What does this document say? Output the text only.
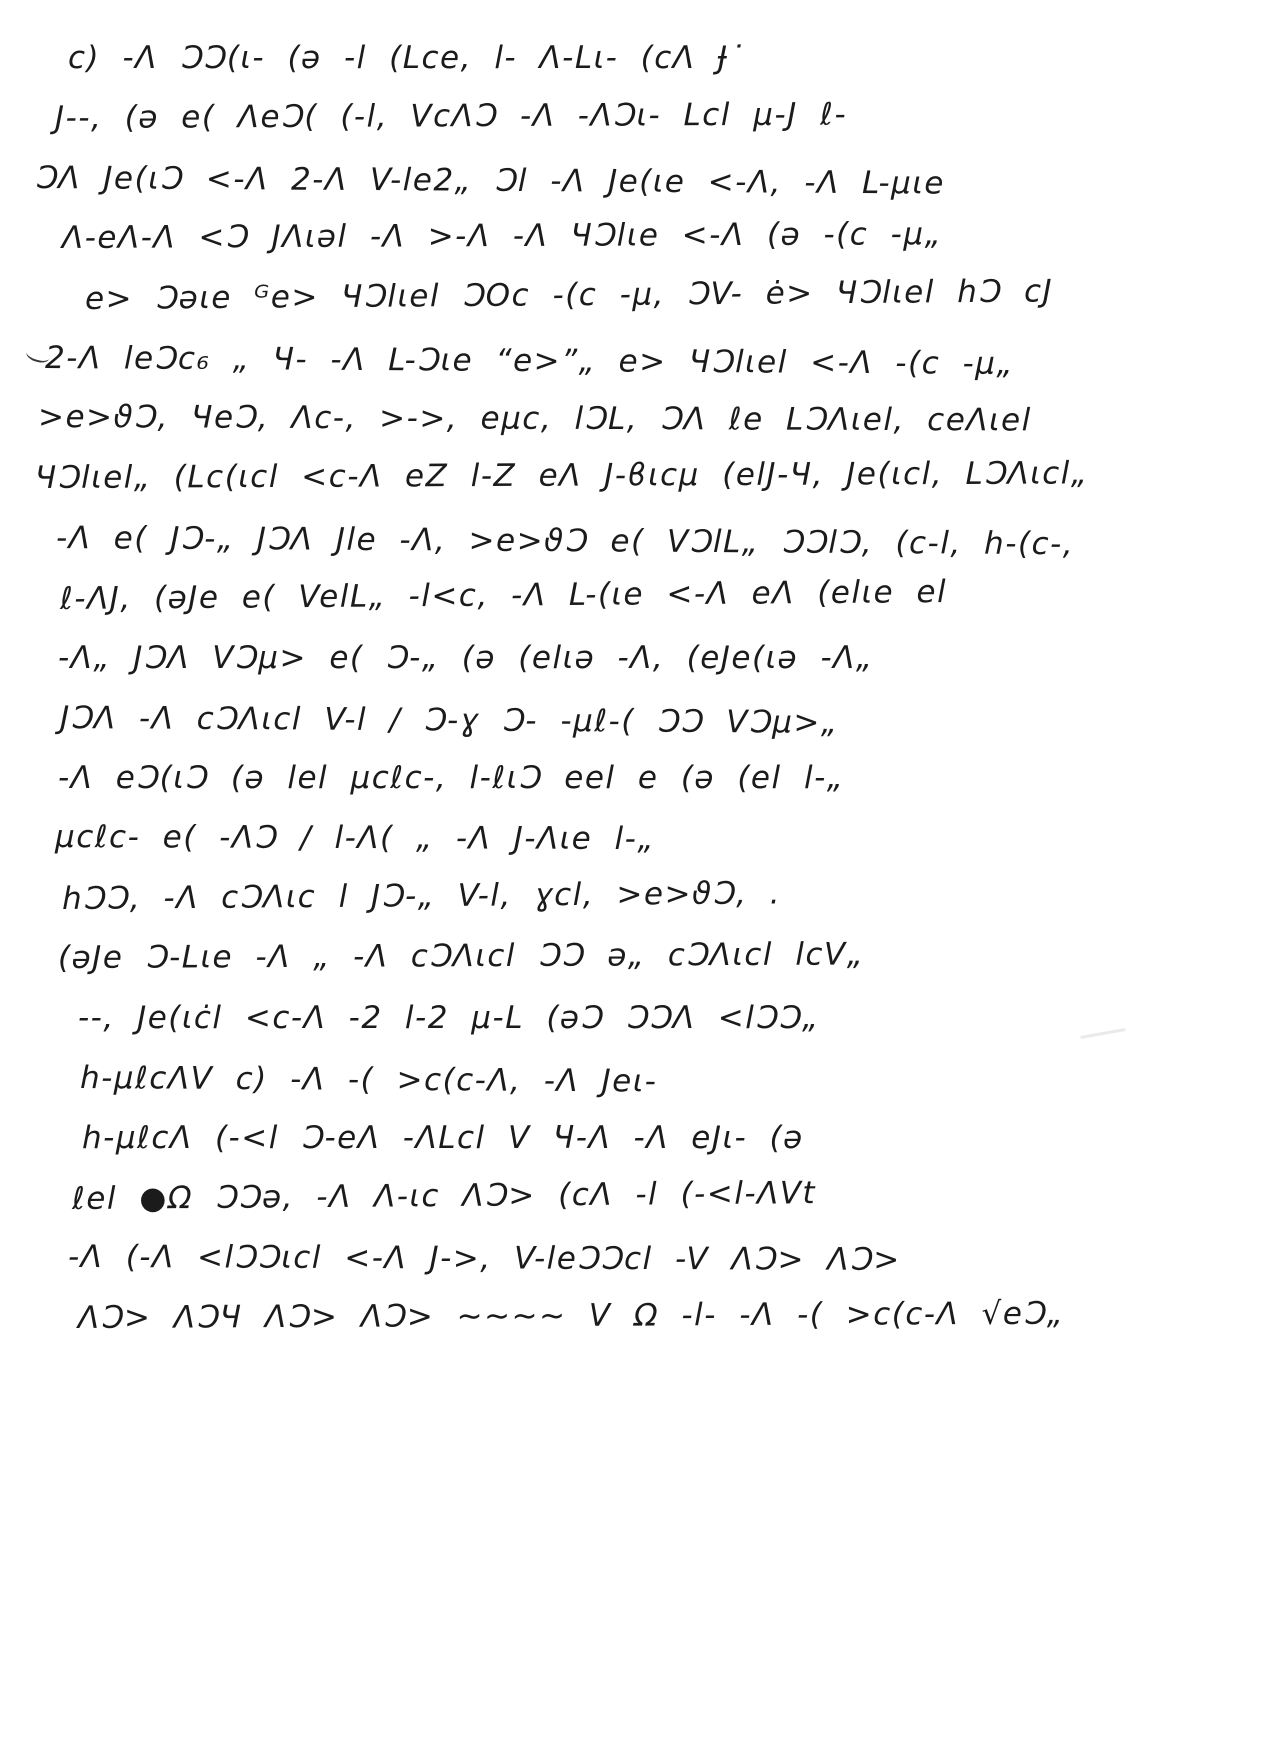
c) -Λ ƆƆ(ι- (ǝ -l (Lce, l- Λ-Lι- (cΛ Ɉ˙
J--, (ǝ e( ΛeƆ( (-l, VcΛƆ -Λ -ΛƆι- Lcl μ-J ℓ-
ƆΛ Je(ιƆ <-Λ 2-Λ V-le2„ Ɔl -Λ Je(ιe <-Λ, -Λ L-μιe
Λ-eΛ-Λ <Ɔ JΛιǝl -Λ >-Λ -Λ ЧƆlιe <-Λ (ǝ -(c -μ„
e> Ɔǝιe ᴳe> ЧƆlιel ƆOc -(c -μ, ƆV- ė> ЧƆlιel hƆ cJ
2-Λ leƆc₆ „ Ч- -Λ L-Ɔιe “e>”„ e> ЧƆlιel <-Λ -(c -μ„
>e>ϑƆ, ЧeƆ, Λc-, >->, eμc, lƆL, ƆΛ ℓe LƆΛιel, ϲeΛιel
ЧƆlιel„ (Lc(ιcl <c-Λ eZ l-Z eΛ J-ϐιcμ (elJ-Ч, Je(ιcl, LƆΛιcl„
-Λ e( JƆ-„ JƆΛ Jle -Λ, >e>ϑƆ e( VƆlL„ ƆƆlƆ, (c-l, h-(c-,
ℓ-ΛJ, (ǝJe e( VelL„ -l<c, -Λ L-(ιe <-Λ eΛ (elιe el
-Λ„ JƆΛ VƆμ> e( Ɔ-„ (ǝ (elιǝ -Λ, (eJe(ιǝ -Λ„
JƆΛ -Λ cƆΛιcl V-l / Ɔ-ɣ Ɔ- -μℓ-( ƆƆ VƆμ>„
-Λ eƆ(ιƆ (ǝ lel μcℓc-, l-ℓιƆ eel e (ǝ (el l-„
μcℓc- e( -ΛƆ / l-Λ( „ -Λ J-Λιe l-„
hƆƆ, -Λ cƆΛιc l JƆ-„ V-l, ɣcl, >e>ϑƆ, .
(ǝJe Ɔ-Lιe -Λ „ -Λ cƆΛιcl ƆƆ ǝ„ cƆΛιcl lcV„
--, Je(ιċl <c-Λ -2 l-2 μ-L (ǝƆ ƆƆΛ <lƆƆ„
h-μℓcΛV c) -Λ -( >c(c-Λ, -Λ Jeι-
h-μℓcΛ (-<l Ɔ-eΛ -ΛLcl V Ч-Λ -Λ eJι- (ǝ
ℓel ●Ω ƆƆǝ, -Λ Λ-ιc ΛƆ> (cΛ -l (-<l-ΛVt
-Λ (-Λ <lƆƆιcl <-Λ J->, V-leƆƆcl -V ΛƆ> ΛƆ>
ΛƆ> ΛƆЧ ΛƆ> ΛƆ> ~~~~ V Ω -l- -Λ -( >c(c-Λ √eƆ„
